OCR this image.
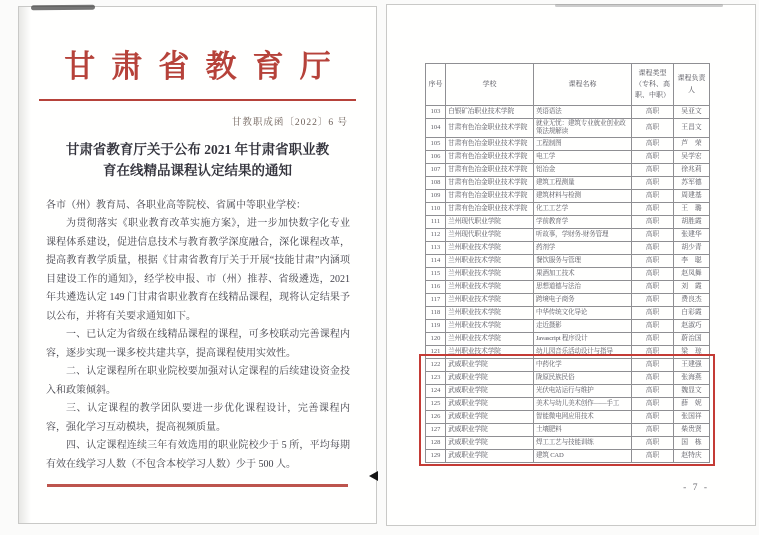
甘肃省教育厅
甘教职成函〔2022〕6 号
甘肃省教育厅关于公布 2021 年甘肃省职业教
育在线精品课程认定结果的通知

各市（州）教育局、各职业高等院校、省属中等职业学校：

为贯彻落实《职业教育改革实施方案》，进一步加快数字化专业课程体系建设，促进信息技术与教育教学深度融合，深化课程改革，提高教育教学质量，根据《甘肃省教育厅关于开展“技能甘肃”内涵项目建设工作的通知》，经学校申报、市（州）推荐、省级遴选，2021 年共遴选认定 149 门甘肃省职业教育在线精品课程，现将认定结果予以公布，并将有关要求通知如下。

一、已认定为省级在线精品课程的课程，可多校联动完善课程内容，逐步实现一课多校共建共享，提高课程使用实效性。

二、认定课程所在职业院校要加强对认定课程的后续建设资金投入和政策倾斜。

三、认定课程的教学团队要进一步优化课程设计，完善课程内容，强化学习互动模块，提高视频质量。

四、认定课程连续三年有效选用的职业院校少于 5 所，平均每期有效在线学习人数（不包含本校学习人数）少于 500 人。

序号	学校	课程名称	课程类型（专科、高职、中职）	课程负责人
103	白银矿冶职业技术学院	英语语法	高职	吴亚文
104	甘肃有色冶金职业技术学院	就业无忧：建筑专业就业创业政策法规解读	高职	王昌文
105	甘肃有色冶金职业技术学院	工程制图	高职	芦　荣
106	甘肃有色冶金职业技术学院	电工学	高职	吴学宏
107	甘肃有色冶金职业技术学院	铝冶金	高职	徐兆莉
108	甘肃有色冶金职业技术学院	建筑工程测量	高职	苏军德
109	甘肃有色冶金职业技术学院	建筑材料与检测	高职	周建基
110	甘肃有色冶金职业技术学院	化工工艺学	高职	王　璐
111	兰州现代职业学院	学前教育学	高职	胡胜霞
112	兰州现代职业学院	听故事，学财务-财务管理	高职	张建华
113	兰州职业技术学院	药剂学	高职	胡少青
114	兰州职业技术学院	餐饮服务与管理	高职	李　聪
115	兰州职业技术学院	果酒加工技术	高职	赵凤舞
116	兰州职业技术学院	思想道德与法治	高职	刘　霞
117	兰州职业技术学院	跨境电子商务	高职	费良杰
118	兰州职业技术学院	中华传统文化导论	高职	白彩霞
119	兰州职业技术学院	走近摄影	高职	赵淑巧
120	兰州职业技术学院	Javascript 程序设计	高职	蔚治国
121	兰州职业技术学院	幼儿园音乐活动设计与指导	高职	梁　琼
122	武威职业学院	中药化学	高职	王建强
123	武威职业学院	陇原民族民俗	高职	张海燕
124	武威职业学院	光伏电站运行与维护	高职	魏显文
125	武威职业学院	美术与幼儿美术创作——手工	高职	薛　妮
126	武威职业学院	智能微电网应用技术	高职	张国祥
127	武威职业学院	土壤肥料	高职	柴贵贤
128	武威职业学院	焊工工艺与技能训练	高职	国　栋
129	武威职业学院	建筑 CAD	高职	赵特庆
- 7 -
